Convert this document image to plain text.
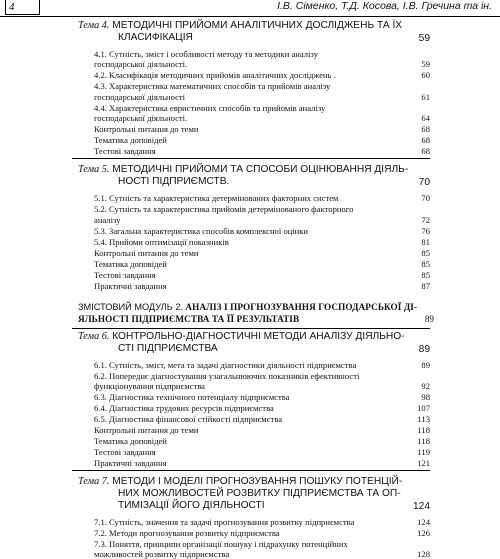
4	І.В. Сіменко, Т.Д. Косова, І.В. Гречина та ін.
Тема 4. МЕТОДИЧНІ ПРИЙОМИ АНАЛІТИЧНИХ ДОСЛІДЖЕНЬ ТА ЇХ
КЛАСИФІКАЦІЯ	59
4.1. Сутність, зміст і особливості методу та методики аналізу
господарської діяльності.	59
4.2. Класифікація методичних прийомів аналітичних досліджень .	60
4.3. Характеристика математичних способів та прийомів аналізу
господарської діяльності	61
4.4. Характеристика евристичних способів та прийомів аналізу
господарської діяльності.	64
Контрольні питання до теми	68
Тематика доповідей	68
Тестові завдання	68
Тема 5. МЕТОДИЧНІ ПРИЙОМИ ТА СПОСОБИ ОЦІНЮВАННЯ ДІЯЛЬ-
НОСТІ ПІДПРИЄМСТВ.	70
5.1. Сутність та характеристика детермінованих факторних систем	70
5.2. Сутність та характеристика прийомів детермінованого факторного
аналізу	72
5.3. Загальна характеристика способів комплексної оцінки	76
5.4. Прийоми оптимізації показників	81
Контрольні питання до теми	85
Тематика доповідей	85
Тестові завдання	85
Практичні завдання	87
ЗМІСТОВИЙ МОДУЛЬ 2. АНАЛІЗ І ПРОГНОЗУВАННЯ ГОСПОДАРСЬКОЇ ДІ-
ЯЛЬНОСТІ ПІДПРИЄМСТВА ТА ЇЇ РЕЗУЛЬТАТІВ	89
Тема 6. КОНТРОЛЬНО-ДІАГНОСТИЧНІ МЕТОДИ АНАЛІЗУ ДІЯЛЬНО-
СТІ ПІДПРИЄМСТВА	89
6.1. Сутність, зміст, мета та задачі діагностики діяльності підприємства	89
6.2. Попереднє діагностування узагальнюючих показників ефективності
функціонування підприємства	92
6.3. Діагностика технічного потенціалу підприємства	98
6.4. Діагностика трудових ресурсів підприємства	107
6.5. Діагностика фінансової стійкості підприємства	113
Контрольні питання до теми	118
Тематика доповідей	118
Тестові завдання	119
Практичні завдання	121
Тема 7. МЕТОДИ І МОДЕЛІ ПРОГНОЗУВАННЯ ПОШУКУ ПОТЕНЦІЙ-
НИХ МОЖЛИВОСТЕЙ РОЗВИТКУ ПІДПРИЄМСТВА ТА ОП-
ТИМІЗАЦІЇ ЙОГО ДІЯЛЬНОСТІ	124
7.1. Сутність, значення та задачі прогнозування розвитку підприємства	124
7.2. Методи прогнозування розвитку підприємства	126
7.3. Поняття, принципи організації пошуку і підрахунку потенційних
можливостей розвитку підприємства	128
